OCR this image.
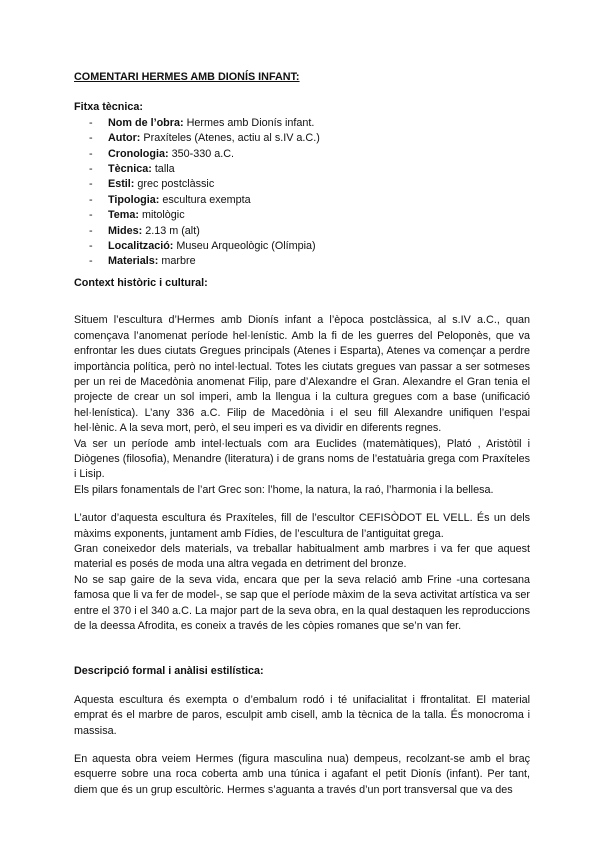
COMENTARI HERMES AMB DIONÍS INFANT:
Fitxa tècnica:
- Nom de l’obra: Hermes amb Dionís infant.
- Autor: Praxíteles (Atenes, actiu al s.IV a.C.)
- Cronologia: 350-330 a.C.
- Tècnica: talla
- Estil: grec postclàssic
- Tipologia: escultura exempta
- Tema: mitològic
- Mides: 2.13 m (alt)
- Localització: Museu Arqueològic (Olímpia)
- Materials: marbre
Context històric i cultural:

Situem l’escultura d’Hermes amb Dionís infant a l’època postclàssica, al s.IV a.C., quan començava l’anomenat període hel·lenístic. Amb la fi de les guerres del Peloponès, que va enfrontar les dues ciutats Gregues principals (Atenes i Esparta), Atenes va començar a perdre importància política, però no intel·lectual. Totes les ciutats gregues van passar a ser sotmeses per un rei de Macedònia anomenat Filip, pare d’Alexandre el Gran. Alexandre el Gran tenia el projecte de crear un sol imperi, amb la llengua i la cultura gregues com a base (unificació hel·lenística). L’any 336 a.C. Filip de Macedònia i el seu fill Alexandre unifiquen l’espai hel·lènic. A la seva mort, però, el seu imperi es va dividir en diferents regnes.

Va ser un període amb intel·lectuals com ara Euclides (matemàtiques), Plató , Aristòtil i Diògenes (filosofia), Menandre (literatura) i de grans noms de l’estatuària grega com Praxíteles i Lisip.

Els pilars fonamentals de l’art Grec son: l’home, la natura, la raó, l’harmonia i la bellesa.

L’autor d’aquesta escultura és Praxíteles, fill de l’escultor CEFISÒDOT EL VELL. És un dels màxims exponents, juntament amb Fídies, de l’escultura de l’antiguitat grega.

Gran coneixedor dels materials, va treballar habitualment amb marbres i va fer que aquest material es posés de moda una altra vegada en detriment del bronze.

No se sap gaire de la seva vida, encara que per la seva relació amb Frine -una cortesana famosa que li va fer de model-, se sap que el període màxim de la seva activitat artística va ser entre el 370 i el 340 a.C. La major part de la seva obra, en la qual destaquen les reproduccions de la deessa Afrodita, es coneix a través de les còpies romanes que se’n van fer.

Descripció formal i anàlisi estilística:

Aquesta escultura és exempta o d’embalum rodó i té unifacialitat i ffrontalitat. El material emprat és el marbre de paros, esculpit amb cisell, amb la tècnica de la talla. És monocroma i massisa.

En aquesta obra veiem Hermes (figura masculina nua) dempeus, recolzant-se amb el braç esquerre sobre una roca coberta amb una túnica i agafant el petit Dionís (infant). Per tant, diem que és un grup escultòric. Hermes s’aguanta a través d’un port transversal que va des
